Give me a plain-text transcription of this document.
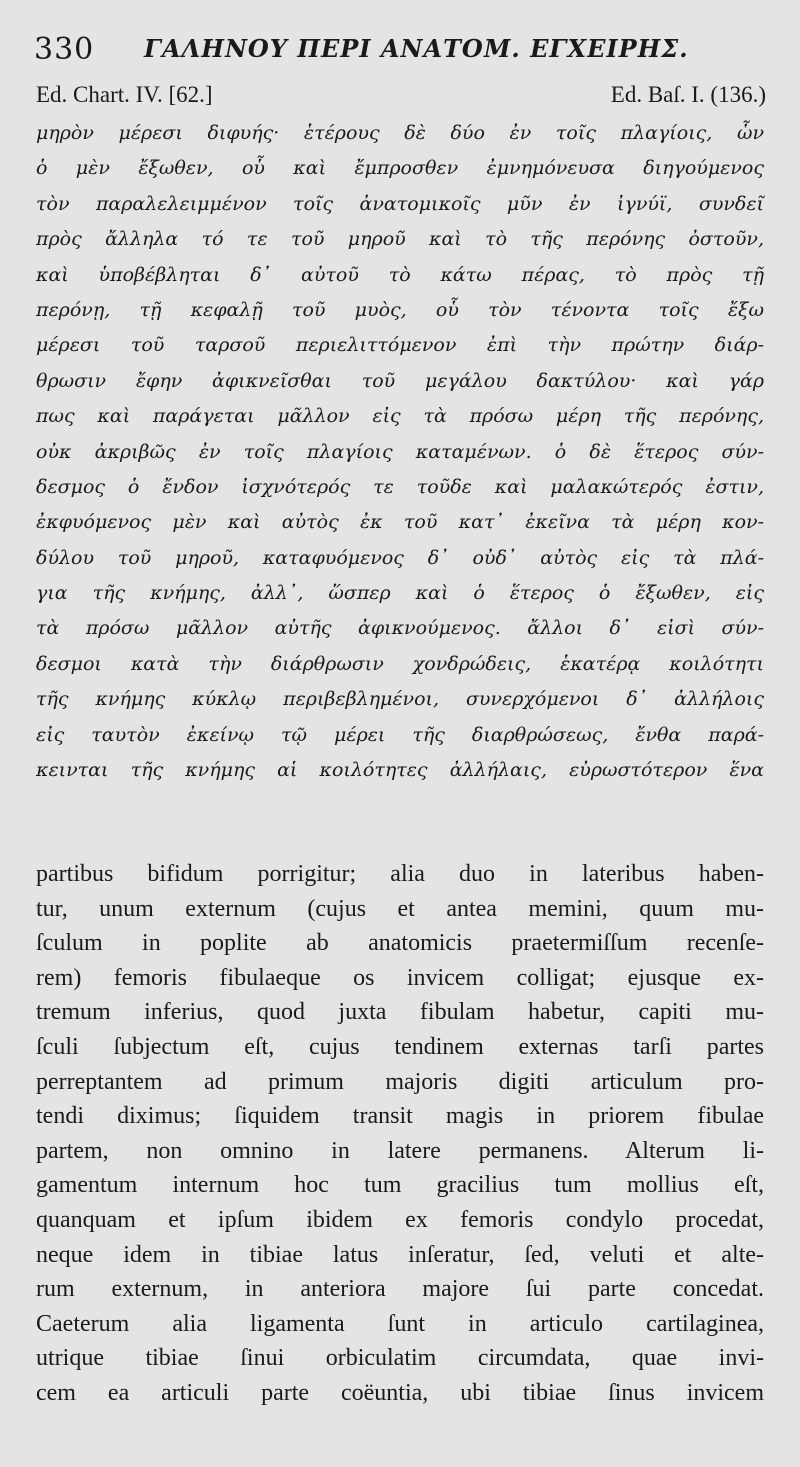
330 ΓΑΛΗΝΟΥ ΠΕΡΙ ΑΝΑΤΟΜ. ΕΓΧΕΙΡΗΣ.
Ed. Chart. IV. [62.]	Ed. Baſ. I. (136.)
μηρὸν μέρεσι διφυής· ἑτέρους δὲ δύο ἐν τοῖς πλαγίοις, ὧν
ὁ μὲν ἔξωθεν, οὗ καὶ ἔμπροσθεν ἐμνημόνευσα διηγούμενος
τὸν παραλελειμμένον τοῖς ἀνατομικοῖς μῦν ἐν ἰγνύϊ, συνδεῖ
πρὸς ἄλληλα τό τε τοῦ μηροῦ καὶ τὸ τῆς περόνης ὀστοῦν,
καὶ ὑποβέβληται δ᾽ αὐτοῦ τὸ κάτω πέρας, τὸ πρὸς τῇ
περόνῃ, τῇ κεφαλῇ τοῦ μυὸς, οὗ τὸν τένοντα τοῖς ἔξω
μέρεσι τοῦ ταρσοῦ περιελιττόμενον ἐπὶ τὴν πρώτην διάρ-
θρωσιν ἔφην ἀφικνεῖσθαι τοῦ μεγάλου δακτύλου· καὶ γάρ
πως καὶ παράγεται μᾶλλον εἰς τὰ πρόσω μέρη τῆς περόνης,
οὐκ ἀκριβῶς ἐν τοῖς πλαγίοις καταμένων. ὁ δὲ ἕτερος σύν-
δεσμος ὁ ἔνδον ἰσχνότερός τε τοῦδε καὶ μαλακώτερός ἐστιν,
ἐκφυόμενος μὲν καὶ αὐτὸς ἐκ τοῦ κατ᾽ ἐκεῖνα τὰ μέρη κον-
δύλου τοῦ μηροῦ, καταφυόμενος δ᾽ οὐδ᾽ αὐτὸς εἰς τὰ πλά-
για τῆς κνήμης, ἀλλ᾽, ὥσπερ καὶ ὁ ἕτερος ὁ ἔξωθεν, εἰς
τὰ πρόσω μᾶλλον αὐτῆς ἀφικνούμενος. ἄλλοι δ᾽ εἰσὶ σύν-
δεσμοι κατὰ τὴν διάρθρωσιν χονδρώδεις, ἑκατέρᾳ κοιλότητι
τῆς κνήμης κύκλῳ περιβεβλημένοι, συνερχόμενοι δ᾽ ἀλλήλοις
εἰς ταυτὸν ἐκείνῳ τῷ μέρει τῆς διαρθρώσεως, ἔνθα παρά-
κεινται τῆς κνήμης αἱ κοιλότητες ἀλλήλαις, εὐρωστότερον ἕνα
partibus bifidum porrigitur; alia duo in lateribus haben-
tur, unum externum (cujus et antea memini, quum mu-
ſculum in poplite ab anatomicis praetermiſſum recenſe-
rem) femoris fibulaeque os invicem colligat; ejusque ex-
tremum inferius, quod juxta fibulam habetur, capiti mu-
ſculi ſubjectum eſt, cujus tendinem externas tarſi partes
perreptantem ad primum majoris digiti articulum pro-
tendi diximus; ſiquidem transit magis in priorem fibulae
partem, non omnino in latere permanens. Alterum li-
gamentum internum hoc tum gracilius tum mollius eſt,
quanquam et ipſum ibidem ex femoris condylo procedat,
neque idem in tibiae latus inſeratur, ſed, veluti et alte-
rum externum, in anteriora majore ſui parte concedat.
Caeterum alia ligamenta ſunt in articulo cartilaginea,
utrique tibiae ſinui orbiculatim circumdata, quae invi-
cem ea articuli parte coëuntia, ubi tibiae ſinus invicem
